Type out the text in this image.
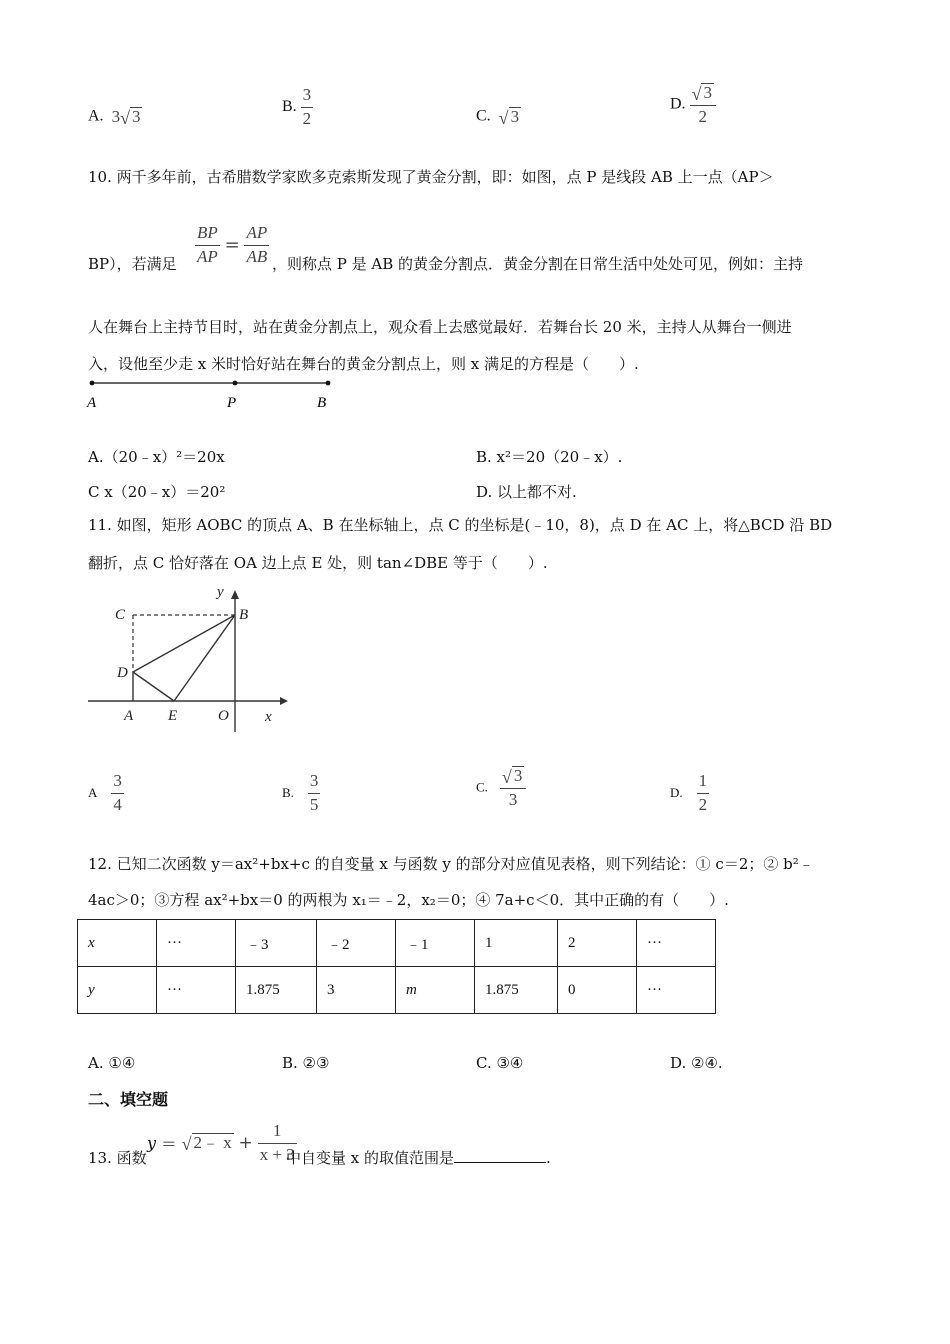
A. 3 √ 3
B. $\frac{3}{2}$	C. √ 3
D. $\frac{√ 3}{2}$
10. 两千多年前，古希腊数学家欧多克索斯发现了黄金分割，即：如图，点 P 是线段 AB 上一点（AP＞
$\frac{BP}{AP} = \frac{AP}{AB}$
BP），若满足	，则称点 P 是 AB 的黄金分割点．黄金分割在日常生活中处处可见，例如：主持
人在舞台上主持节目时，站在黄金分割点上，观众看上去感觉最好．若舞台长 20 米，主持人从舞台一侧进
入，设他至少走 x 米时恰好站在舞台的黄金分割点上，则 x 满足的方程是（　　）.
A	P	B
A.（20﹣x）²＝20x	B. x²＝20（20﹣x）.
C x（20﹣x）＝20²	D. 以上都不对.
11. 如图，矩形 AOBC 的顶点 A、B 在坐标轴上，点 C 的坐标是(﹣10，8)，点 D 在 AC 上，将△BCD 沿 BD
翻折，点 C 恰好落在 OA 边上点 E 处，则 tan∠DBE 等于（　　）.
y
x
C	B
D
A E	O
A $\frac{3}{4}$	B. $\frac{3}{5}$	C. $\frac{√ 3}{3}$	D. $\frac{1}{2}$
12. 已知二次函数 y＝ax²+bx+c 的自变量 x 与函数 y 的部分对应值见表格，则下列结论：① c＝2；② b²﹣
4ac＞0；③方程 ax²+bx＝0 的两根为 x₁＝﹣2，x₂＝0；④ 7a+c＜0．其中正确的有（　　）.
x	···	﹣3	﹣2	﹣1	1	2	···
y	···	1.875	3	m	1.875	0	···
A. ①④	B. ②③	C. ③④	D. ②④.
二、填空题
13. 函数
y ＝ √ 2﹣ $x + \frac{1}{x + 3}$
中自变量 x 的取值范围是	.
